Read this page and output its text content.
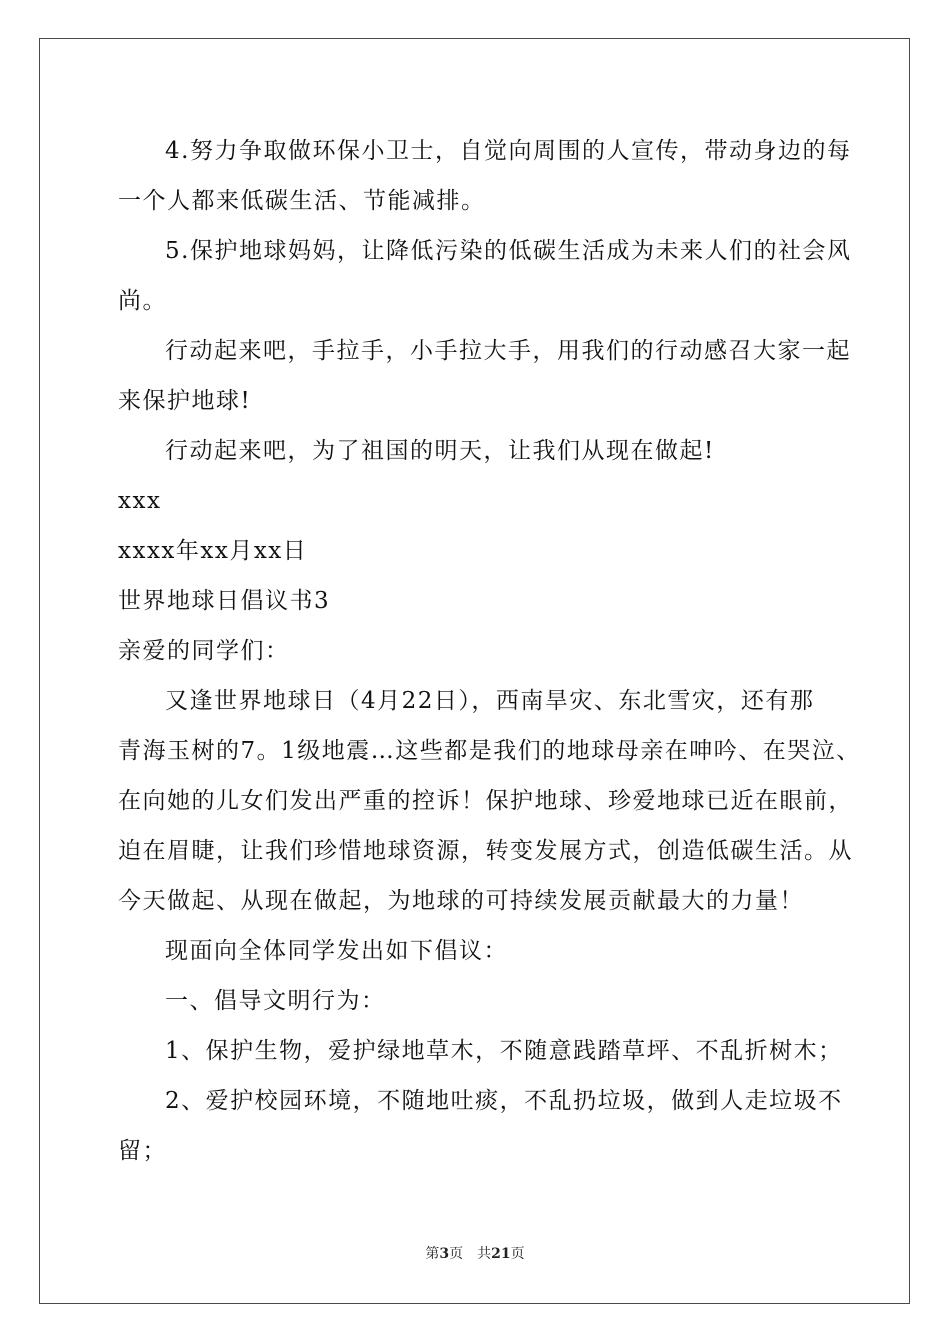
4.努力争取做环保小卫士，自觉向周围的人宣传，带动身边的每
一个人都来低碳生活、节能减排。
5.保护地球妈妈，让降低污染的低碳生活成为未来人们的社会风
尚。
行动起来吧，手拉手，小手拉大手，用我们的行动感召大家一起
来保护地球!
行动起来吧，为了祖国的明天，让我们从现在做起!
xxx
xxxx年xx月xx日
世界地球日倡议书3
亲爱的同学们：
又逢世界地球日（4月22日），西南旱灾、东北雪灾，还有那
青海玉树的7。1级地震…这些都是我们的地球母亲在呻吟、在哭泣、
在向她的儿女们发出严重的控诉！保护地球、珍爱地球已近在眼前，
迫在眉睫，让我们珍惜地球资源，转变发展方式，创造低碳生活。从
今天做起、从现在做起，为地球的可持续发展贡献最大的力量！
现面向全体同学发出如下倡议：
一、倡导文明行为：
1、保护生物，爱护绿地草木，不随意践踏草坪、不乱折树木；
2、爱护校园环境，不随地吐痰，不乱扔垃圾，做到人走垃圾不
留；
第3页 共21页
